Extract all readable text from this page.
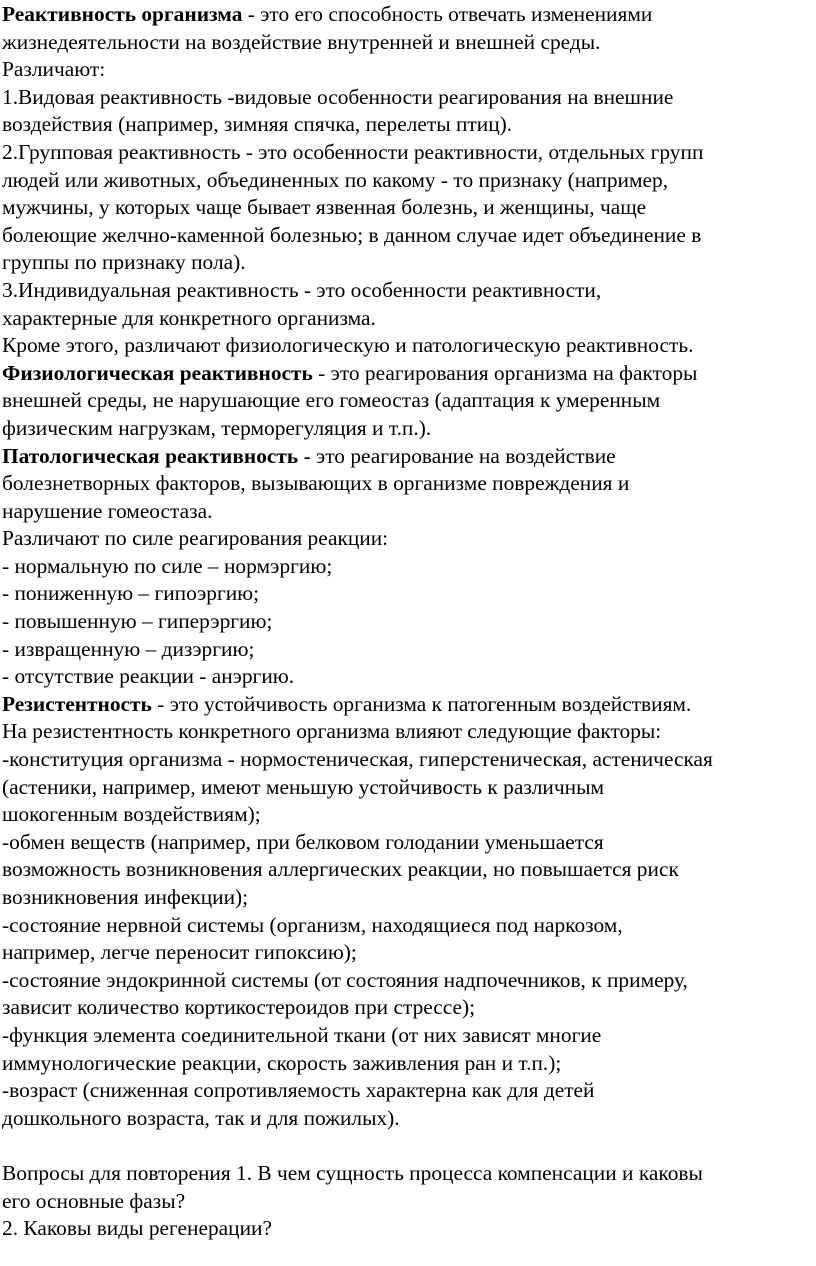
Реактивность организма - это его способность отвечать изменениями
жизнедеятельности на воздействие внутренней и внешней среды.
Различают:
1.Видовая реактивность -видовые особенности реагирования на внешние
воздействия (например, зимняя спячка, перелеты птиц).
2.Групповая реактивность - это особенности реактивности, отдельных групп
людей или животных, объединенных по какому - то признаку (например,
мужчины, у которых чаще бывает язвенная болезнь, и женщины, чаще
болеющие желчно-каменной болезнью; в данном случае идет объединение в
группы по признаку пола).
3.Индивидуальная реактивность - это особенности реактивности,
характерные для конкретного организма.
Кроме этого, различают физиологическую и патологическую реактивность.
Физиологическая реактивность - это реагирования организма на факторы
внешней среды, не нарушающие его гомеостаз (адаптация к умеренным
физическим нагрузкам, терморегуляция и т.п.).
Патологическая реактивность - это реагирование на воздействие
болезнетворных факторов, вызывающих в организме повреждения и
нарушение гомеостаза.
Различают по силе реагирования реакции:
- нормальную по силе – нормэргию;
- пониженную – гипоэргию;
- повышенную – гиперэргию;
- извращенную – дизэргию;
- отсутствие реакции - анэргию.
Резистентность - это устойчивость организма к патогенным воздействиям.
На резистентность конкретного организма влияют следующие факторы:
-конституция организма - нормостеническая, гиперстеническая, астеническая
(астеники, например, имеют меньшую устойчивость к различным
шокогенным воздействиям);
-обмен веществ (например, при белковом голодании уменьшается
возможность возникновения аллергических реакции, но повышается риск
возникновения инфекции);
-состояние нервной системы (организм, находящиеся под наркозом,
например, легче переносит гипоксию);
-состояние эндокринной системы (от состояния надпочечников, к примеру,
зависит количество кортикостероидов при стрессе);
-функция элемента соединительной ткани (от них зависят многие
иммунологические реакции, скорость заживления ран и т.п.);
-возраст (сниженная сопротивляемость характерна как для детей
дошкольного возраста, так и для пожилых).
Вопросы для повторения 1. В чем сущность процесса компенсации и каковы
его основные фазы?
2. Каковы виды регенерации?
